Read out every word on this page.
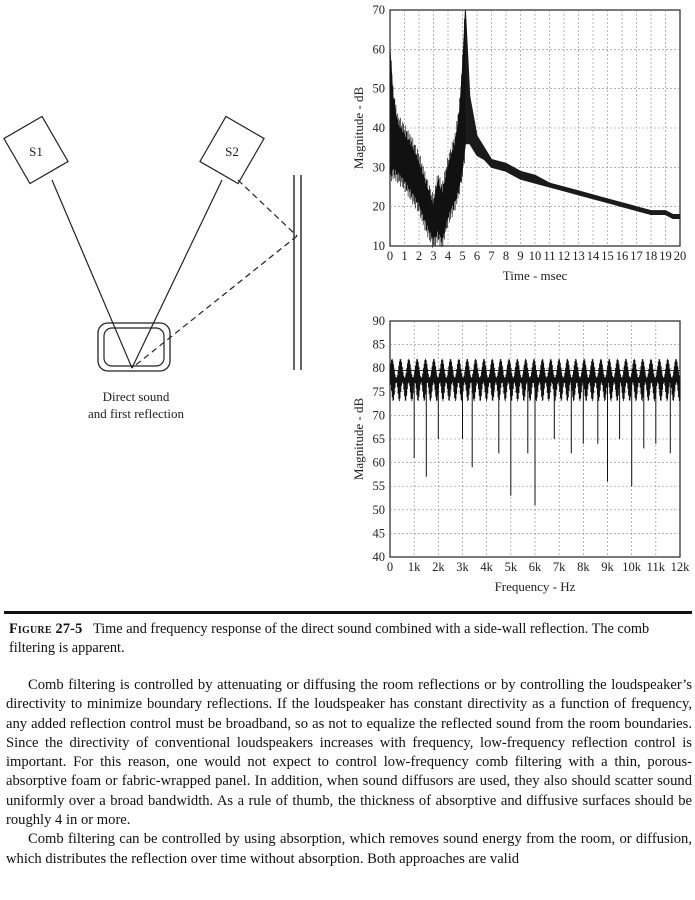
S1	S2
Direct sound
and first reflection
0 1 2 3 4 5 6 7 8 9 10 11 12 13 14 15 16 17 18 19 20
10
20
30
40
50
60
70
Time - msec
Magnitude - dB
0 1k 2k 3k 4k 5k 6k 7k 8k 9k 10k 11k 12k
40
45
50
55
60
65
70
75
80
85
90
Frequency - Hz
Magnitude - dB
Figure 27-5 Time and frequency response of the direct sound combined with a side-wall reflection. The comb filtering is apparent.

Comb filtering is controlled by attenuating or diffusing the room reflections or by controlling the loudspeaker’s directivity to minimize boundary reflections. If the loudspeaker has constant directivity as a function of frequency, any added reflection control must be broadband, so as not to equalize the reflected sound from the room boundaries. Since the directivity of conventional loudspeakers increases with frequency, low-frequency reflection control is important. For this reason, one would not expect to control low-frequency comb filtering with a thin, porous-absorptive foam or fabric-wrapped panel. In addition, when sound diffusors are used, they also should scatter sound uniformly over a broad bandwidth. As a rule of thumb, the thickness of absorptive and diffusive surfaces should be roughly 4 in or more.

Comb filtering can be controlled by using absorption, which removes sound energy from the room, or diffusion, which distributes the reflection over time without absorption. Both approaches are valid
